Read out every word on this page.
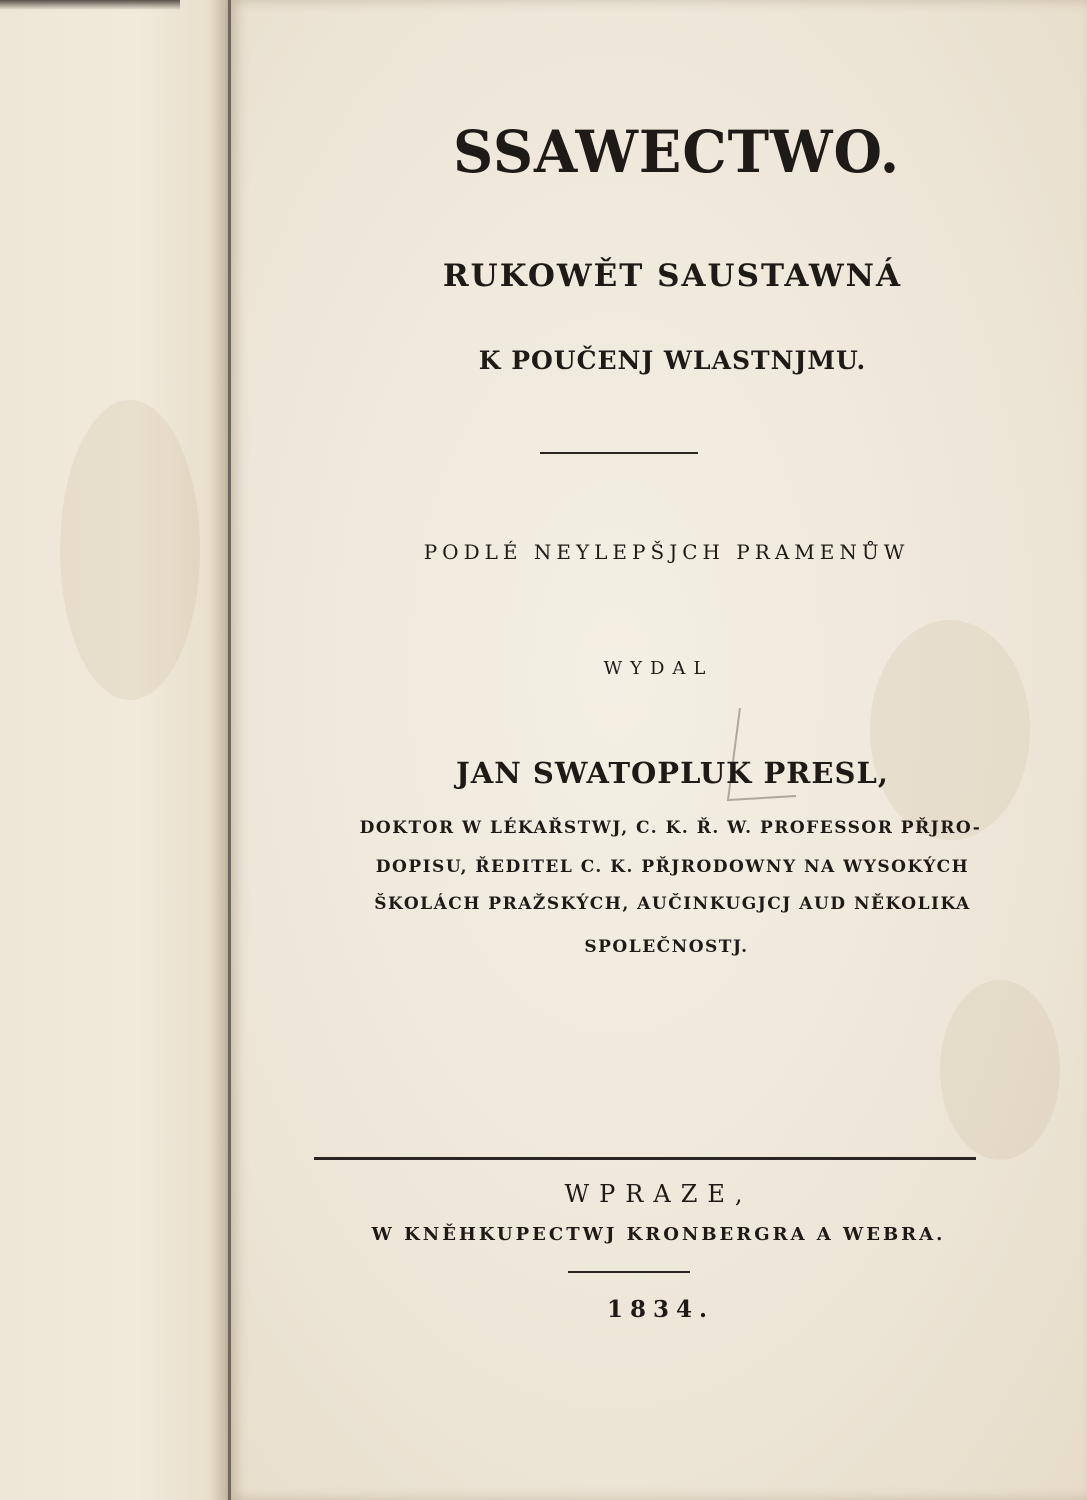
SSAWECTWO.

RUKOWĚT SAUSTAWNÁ

K POUČENJ WLASTNJMU.

PODLÉ NEYLEPŠJCH PRAMENŮW

WYDAL

JAN SWATOPLUK PRESL,

DOKTOR W LÉKAŘSTWJ, C. K. Ř. W. PROFESSOR PŘJRO-

DOPISU, ŘEDITEL C. K. PŘJRODOWNY NA WYSOKÝCH

ŠKOLÁCH PRAŽSKÝCH, AUČINKUGJCJ AUD NĚKOLIKA

SPOLEČNOSTJ.

WPRAZE,

W KNĚHKUPECTWJ KRONBERGRA A WEBRA.

1834.
